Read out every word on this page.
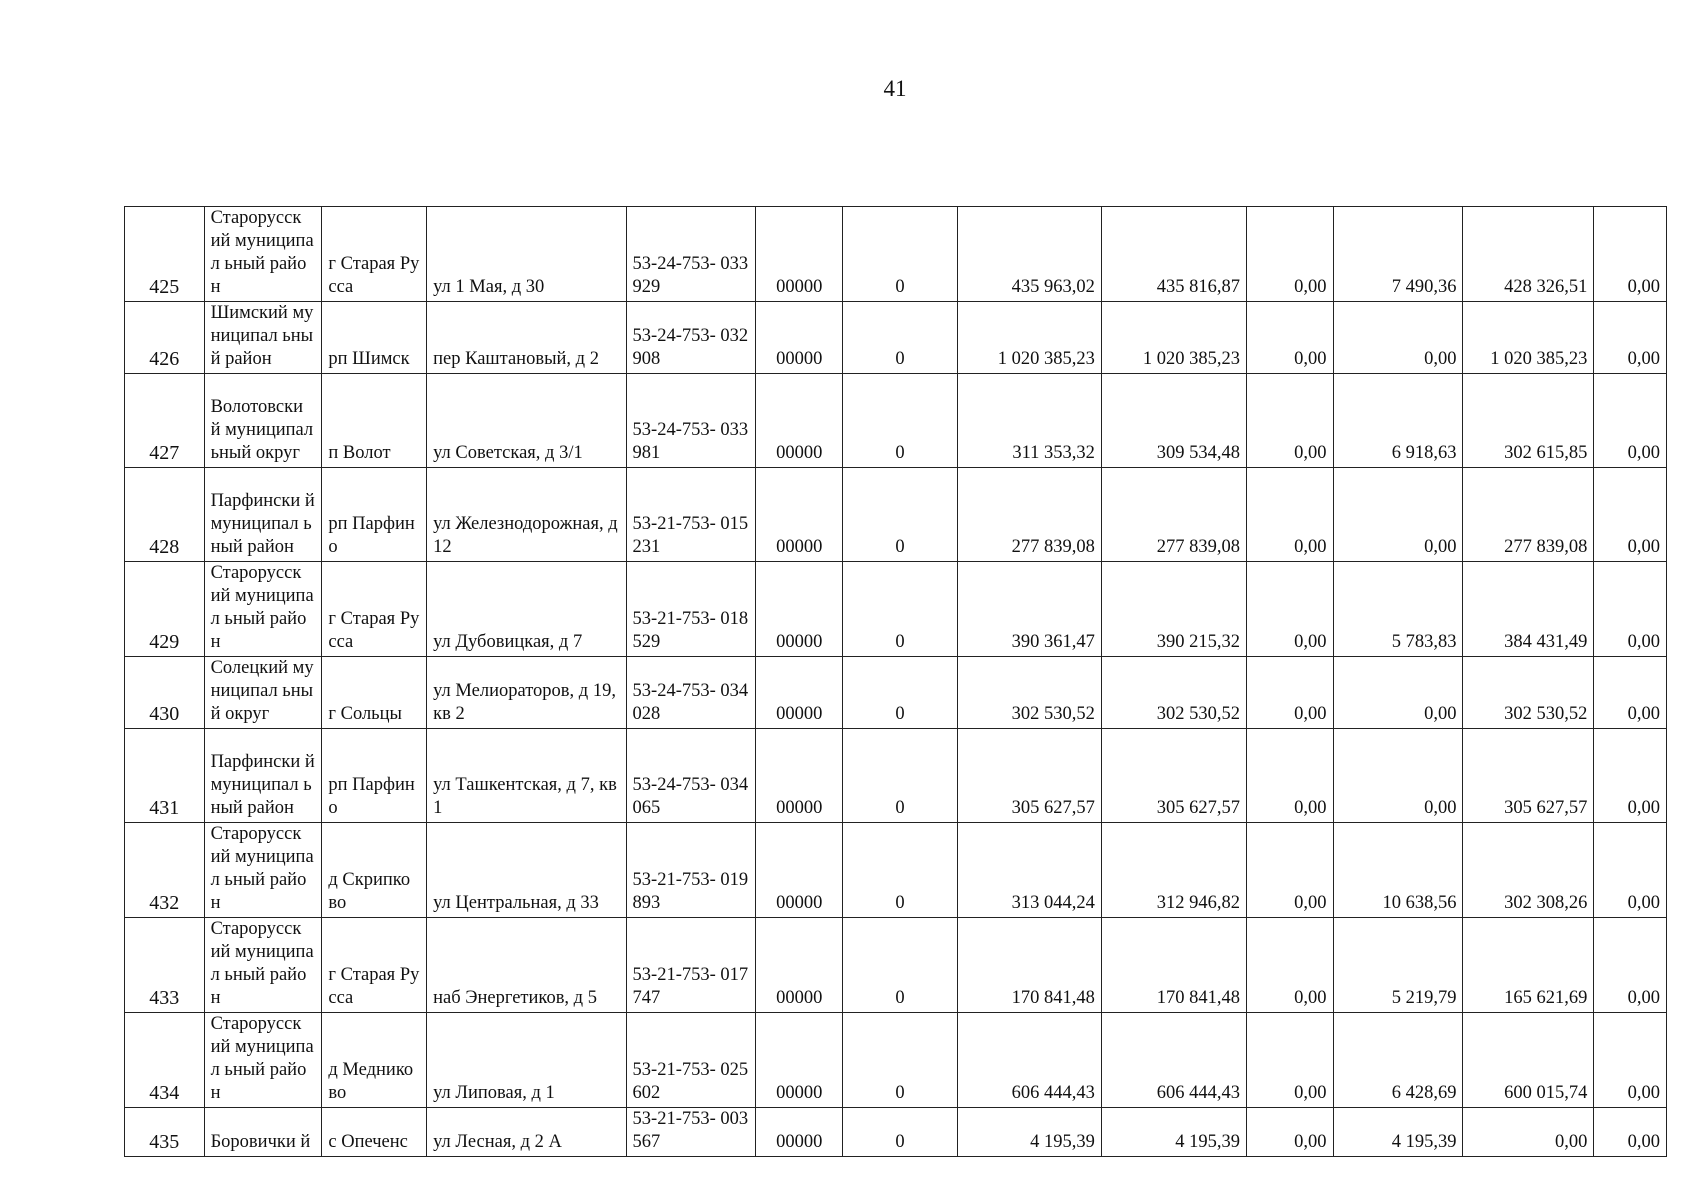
41
425	Старорусск ий муниципал ьный район	г Старая Русса	ул 1 Мая, д 30	53-24-753- 033929	00000	0	435 963,02	435 816,87	0,00	7 490,36	428 326,51	0,00
426	Шимский муниципал ьный район	рп Шимск	пер Каштановый, д 2	53-24-753- 032908	00000	0	1 020 385,23	1 020 385,23	0,00	0,00	1 020 385,23	0,00
427	Волотовски й муниципал ьный округ	п Волот	ул Советская, д 3/1	53-24-753- 033981	00000	0	311 353,32	309 534,48	0,00	6 918,63	302 615,85	0,00
428	Парфински й муниципал ьный район	рп Парфино	ул Железнодорожная, д 12	53-21-753- 015231	00000	0	277 839,08	277 839,08	0,00	0,00	277 839,08	0,00
429	Старорусск ий муниципал ьный район	г Старая Русса	ул Дубовицкая, д 7	53-21-753- 018529	00000	0	390 361,47	390 215,32	0,00	5 783,83	384 431,49	0,00
430	Солецкий муниципал ьный округ	г Сольцы	ул Мелиораторов, д 19, кв 2	53-24-753- 034028	00000	0	302 530,52	302 530,52	0,00	0,00	302 530,52	0,00
431	Парфински й муниципал ьный район	рп Парфино	ул Ташкентская, д 7, кв 1	53-24-753- 034065	00000	0	305 627,57	305 627,57	0,00	0,00	305 627,57	0,00
432	Старорусск ий муниципал ьный район	д Скрипко во	ул Центральная, д 33	53-21-753- 019893	00000	0	313 044,24	312 946,82	0,00	10 638,56	302 308,26	0,00
433	Старорусск ий муниципал ьный район	г Старая Русса	наб Энергетиков, д 5	53-21-753- 017747	00000	0	170 841,48	170 841,48	0,00	5 219,79	165 621,69	0,00
434	Старорусск ий муниципал ьный район	д Меднико во	ул Липовая, д 1	53-21-753- 025602	00000	0	606 444,43	606 444,43	0,00	6 428,69	600 015,74	0,00
435	Боровички й	с Опеченс	ул Лесная, д 2 А	53-21-753- 003567	00000	0	4 195,39	4 195,39	0,00	4 195,39	0,00	0,00
